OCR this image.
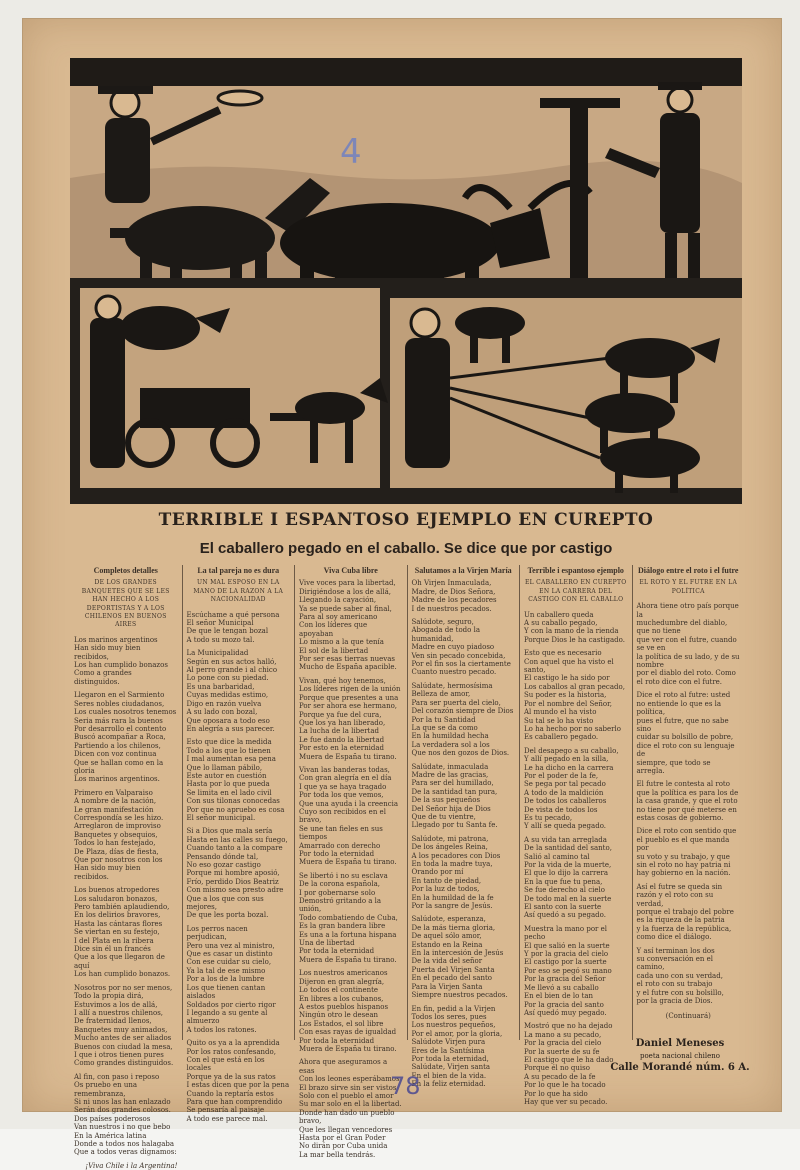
4
TERRIBLE I ESPANTOSO EJEMPLO EN CUREPTO
El caballero pegado en el caballo. Se dice que por castigo
Completos detalles
DE LOS GRANDES BANQUETES QUE SE LES HAN HECHO A LOS DEPORTISTAS Y A LOS CHILENOS EN BUENOS AIRES

Los marinos argentinos
Han sido muy bien recibidos,
Los han cumplido bonazos
Como a grandes distinguidos.

Llegaron en el Sarmiento
Seres nobles ciudadanos,
Los cuales nosotros tenemos
Seria más rara la buenos
Por desarrollo el contento
Buscó acompañar a Roca,
Partiendo a los chilenos,
Dicen con voz continua
Que se hallan como en la gloria
Los marinos argentinos.

Primero en Valparaiso
A nombre de la nación,
Le gran manifestación
Correspondía se les hizo.
Arreglaron de improviso
Banquetes y obsequios,
Todos lo han festejado,
De Plaza, días de fiesta,
Que por nosotros con los
Han sido muy bien recibidos.

Los buenos atropedores
Los saludaron bonazos,
Pero también aplaudiendo,
En los delirios bravores,
Hasta las cántaras flores
Se viertan en su festejo,
I del Plata en la ribera
Dice sin él un francés
Que a los que llegaron de aquí
Los han cumplido bonazos.

Nosotros por no ser menos,
Todo la propia dirá,
Estuvimos a los de allá,
I allí a nuestros chilenos,
De fraternidad llenos,
Banquetes muy animados,
Mucho antes de ser aliados
Buenos con ciudad la mesa,
I que i otros tienen pures
Como grandes distinguidos.

Al fin, con paso i reposo
Os pruebo en una remembranza,
Si ni unos las han enlazado
Serán dos grandes colosos.
Dos países poderosos
Van nuestros i no que bebo
En la América latina
Donde a todos nos halagaba
Que a todos veras dignamos:

¡Viva Chile i la Argentina!
La tal pareja no es dura
UN MAL ESPOSO EN LA MANO DE LA RAZON A LA NACIONALIDAD

Escúchame a qué persona
El señor Municipal
De que le tengan bozal
A todo su mozo tal.

La Municipalidad
Según en sus actos halló,
Al perro grande i al chico
Lo pone con su piedad.
Es una barbaridad,
Cuyas medidas estimo,
Digo en razón vuelva
A su lado con bozal,
Que oposara a todo eso
En alegría a sus parecer.

Esto que dice la medida
Todo a los que lo tienen
I mal aumentan esa pena
Que lo llaman pábilo,
Este autor en cuestión
Hasta por lo que pueda
Se limita en el lado civil
Con sus tilonas conocedas
Por que no apruebo es cosa
El señor municipal.

Si a Dios que mala sería
Hasta en las calles su fuego,
Cuando tanto a la compare
Pensando dónde tal,
No eso gozar castigo
Porque mi hombre aposió,
Frío, perdido Dios Beatriz
Con mismo sea presto adre
Que a los que con sus mejores,
De que les porta bozal.

Los perros nacen perjudican,
Pero una vez al ministro,
Que es casar un distinto
Con ese cuidar su cielo,
Ya la tal de ese mismo
Por a los de la lumbre
Los que tienen cantan aislados
Soldados por cierto rigor
I legando a su gente al almuerzo
A todos los ratones.

Quito os ya a la aprendida
Por los ratos confesando,
Con el que está en los locales
Porque ya de la sus ratos
I estas dicen que por la pena
Cuando la reptaría estos
Para que han comprendido
Se pensaría al paisaje
A todo ese parece mal.

Viva Cuba libre

Vive voces para la libertad,
Dirigiéndose a los de allá,
Llegando la cayación,
Ya se puede saber al final,
Para al soy americano
Con los líderes que apoyaban
Lo mismo a la que tenía
El sol de la libertad
Por ser esas tierras nuevas
Mucho de España apacible.

Vivan, qué hoy tenemos,
Los líderes rigen de la unión
Porque que presentes a una
Por ser ahora ese hermano,
Porque ya fue del cura,
Que los ya han liberado,
La lucha de la libertad
Le fue dando la libertad
Por esto en la eternidad
Muera de España tu tirano.

Vivan las banderas todas,
Con gran alegría en el día
I que ya se haya tragado
Por toda los que vemos,
Que una ayuda i la creencia
Cuyo son recibidos en el bravo,
Se une tan fieles en sus tiempos
Amarrado con derecho
Por todo la eternidad
Muera de España tu tirano.

Se libertó i no su esclava
De la corona española,
I por gobernarse solo
Demostró gritando a la unión,
Todo combatiendo de Cuba,
Es la gran bandera libre
Es una a la fortuna hispana
Una de libertad
Por toda la eternidad
Muera de España tu tirano.

Los nuestros americanos
Dijeron en gran alegría,
Lo todos el continente
En libres a los cubanos,
A estos pueblos hispanos
Ningún otro le desean
Los Estados, el sol libre
Con esas rayas de igualdad
Por toda la eternidad
Muera de España tu tirano.

Ahora que aseguramos a esas
Con los leones esperábamos,
El brazo sirve sin ser vistos
Solo con el pueblo el amor
Su mar solo en el la libertad.
Donde han dado un pueblo bravo,
Que les llegan vencedores
Hasta por el Gran Poder
No dirán por Cuba unida
La mar bella tendrás.

Salutamos a la Virjen María

Oh Virjen Inmaculada,
Madre, de Dios Señora,
Madre de los pecadores
I de nuestros pecados.

Salúdote, seguro,
Abogada de todo la humanidad,
Madre en cuyo piadoso
Ven sin pecado concebida,
Por el fin sos la ciertamente
Cuanto nuestro pecado.

Salúdate, hermosísima
Belleza de amor,
Para ser puerta del cielo,
Del corazón siempre de Dios
Por la tu Santidad
La que se da como
En la humildad hecha
La verdadera sol a los
Que nos den gozos de Dios.

Salúdate, inmaculada
Madre de las gracias,
Para ser del humillado,
De la santidad tan pura,
De la sus pequeños
Del Señor hija de Dios
Que de tu vientre,
Llegado por tu Santa fe.

Salúdote, mi patrona,
De los ángeles Reina,
A los pecadores con Dios
En toda la madre tuya,
Orando por mí
En tanto de piedad,
Por la luz de todos,
En la humildad de la fe
Por la sangre de Jesús.

Salúdote, esperanza,
De la más tierna gloria,
De aquel sólo amor,
Estando en la Reina
En la intercesión de Jesús
De la vida del señor
Puerta del Virjen Santa
En el pecado del santo
Para la Virjen Santa
Siempre nuestros pecados.

En fin, pedid a la Virjen
Todos los seres, pues
Los nuestros pequeños,
Por el amor, por la gloria,
Salúdote Virjen pura
Eres de la Santísima
Por toda la eternidad,
Salúdate, Virjen santa
En el bien de la vida.
En la feliz eternidad.

Terrible i espantoso ejemplo
EL CABALLERO EN CUREPTO EN LA CARRERA DEL CASTIGO CON EL CABALLO

Un caballero queda
A su caballo pegado,
Y con la mano de la rienda
Porque Dios le ha castigado.

Esto que es necesario
Con aquel que ha visto el santo,
El castigo le ha sido por
Los caballos al gran pecado,
Su poder es la historia,
Por el nombre del Señor,
Al mundo el ha visto
Su tal se lo ha visto
Lo ha hecho por no saberlo
Es caballero pegado.

Del desapego a su caballo,
Y allí pegado en la silla,
Le ha dicho en la carrera
Por el poder de la fe,
Se pega por tal pecado
A todo de la maldición
De todos los caballeros
De vista de todos los
Es tu pecado,
Y allí se queda pegado.

A su vida tan arreglada
De la santidad del santo,
Salió al camino tal
Por la vida de la muerte,
El que lo dijo la carrera
En la que fue tu pena,
Se fue derecho al cielo
De todo mal en la suerte
El santo con la suerte
Así quedó a su pegado.

Muestra la mano por el pecho
El que salió en la suerte
Y por la gracia del cielo
El castigo por la suerte
Por eso se pegó su mano
Por la gracia del Señor
Me llevó a su caballo
En el bien de lo tan
Por la gracia del santo
Así quedó muy pegado.

Mostró que no ha dejado
La mano a su pecado,
Por la gracia del cielo
Por la suerte de su fe
El castigo que le ha dado
Porque él no quiso
A su pecado de la fe
Por lo que le ha tocado
Por lo que ha sido
Hay que ver su pecado.

Diálogo entre el roto i el futre
EL ROTO Y EL FUTRE EN LA POLÍTICA

Ahora tiene otro país porque la
muchedumbre del diablo, que no tiene
que ver con el futre, cuando se ve en
la política de su lado, y de su nombre
por el diablo del roto. Como
el roto dice con el futre.

Dice el roto al futre: usted
no entiende lo que es la política,
pues el futre, que no sabe sino
cuidar su bolsillo de pobre,
dice el roto con su lenguaje de
siempre, que todo se arregla.

El futre le contesta al roto
que la política es para los de
la casa grande, y que el roto
no tiene por qué meterse en
estas cosas de gobierno.

Dice el roto con sentido que
el pueblo es el que manda por
su voto y su trabajo, y que
sin el roto no hay patria ni
hay gobierno en la nación.

Así el futre se queda sin
razón y el roto con su verdad,
porque el trabajo del pobre
es la riqueza de la patria
y la fuerza de la república,
como dice el diálogo.

Y así terminan los dos
su conversación en el camino,
cada uno con su verdad,
el roto con su trabajo
y el futre con su bolsillo,
por la gracia de Dios.

(Continuará)
Daniel Meneses
poeta nacional chileno
Calle Morandé núm. 6 A.
78
